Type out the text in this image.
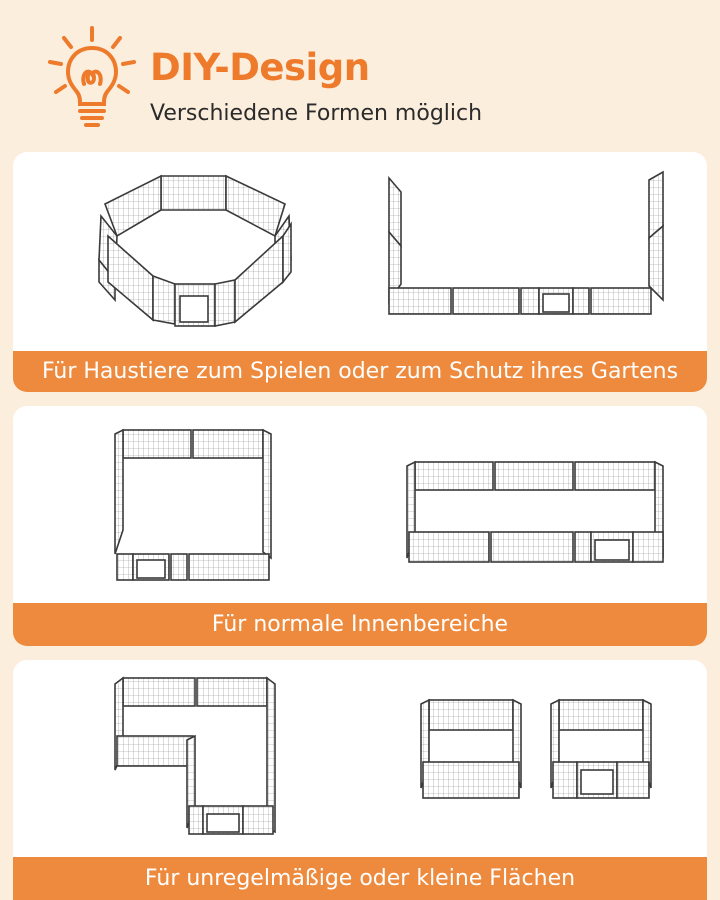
DIY-Design

Verschiedene Formen möglich

Für Haustiere zum Spielen oder zum Schutz ihres Gartens
Für normale Innenbereiche
Für unregelmäßige oder kleine Flächen
